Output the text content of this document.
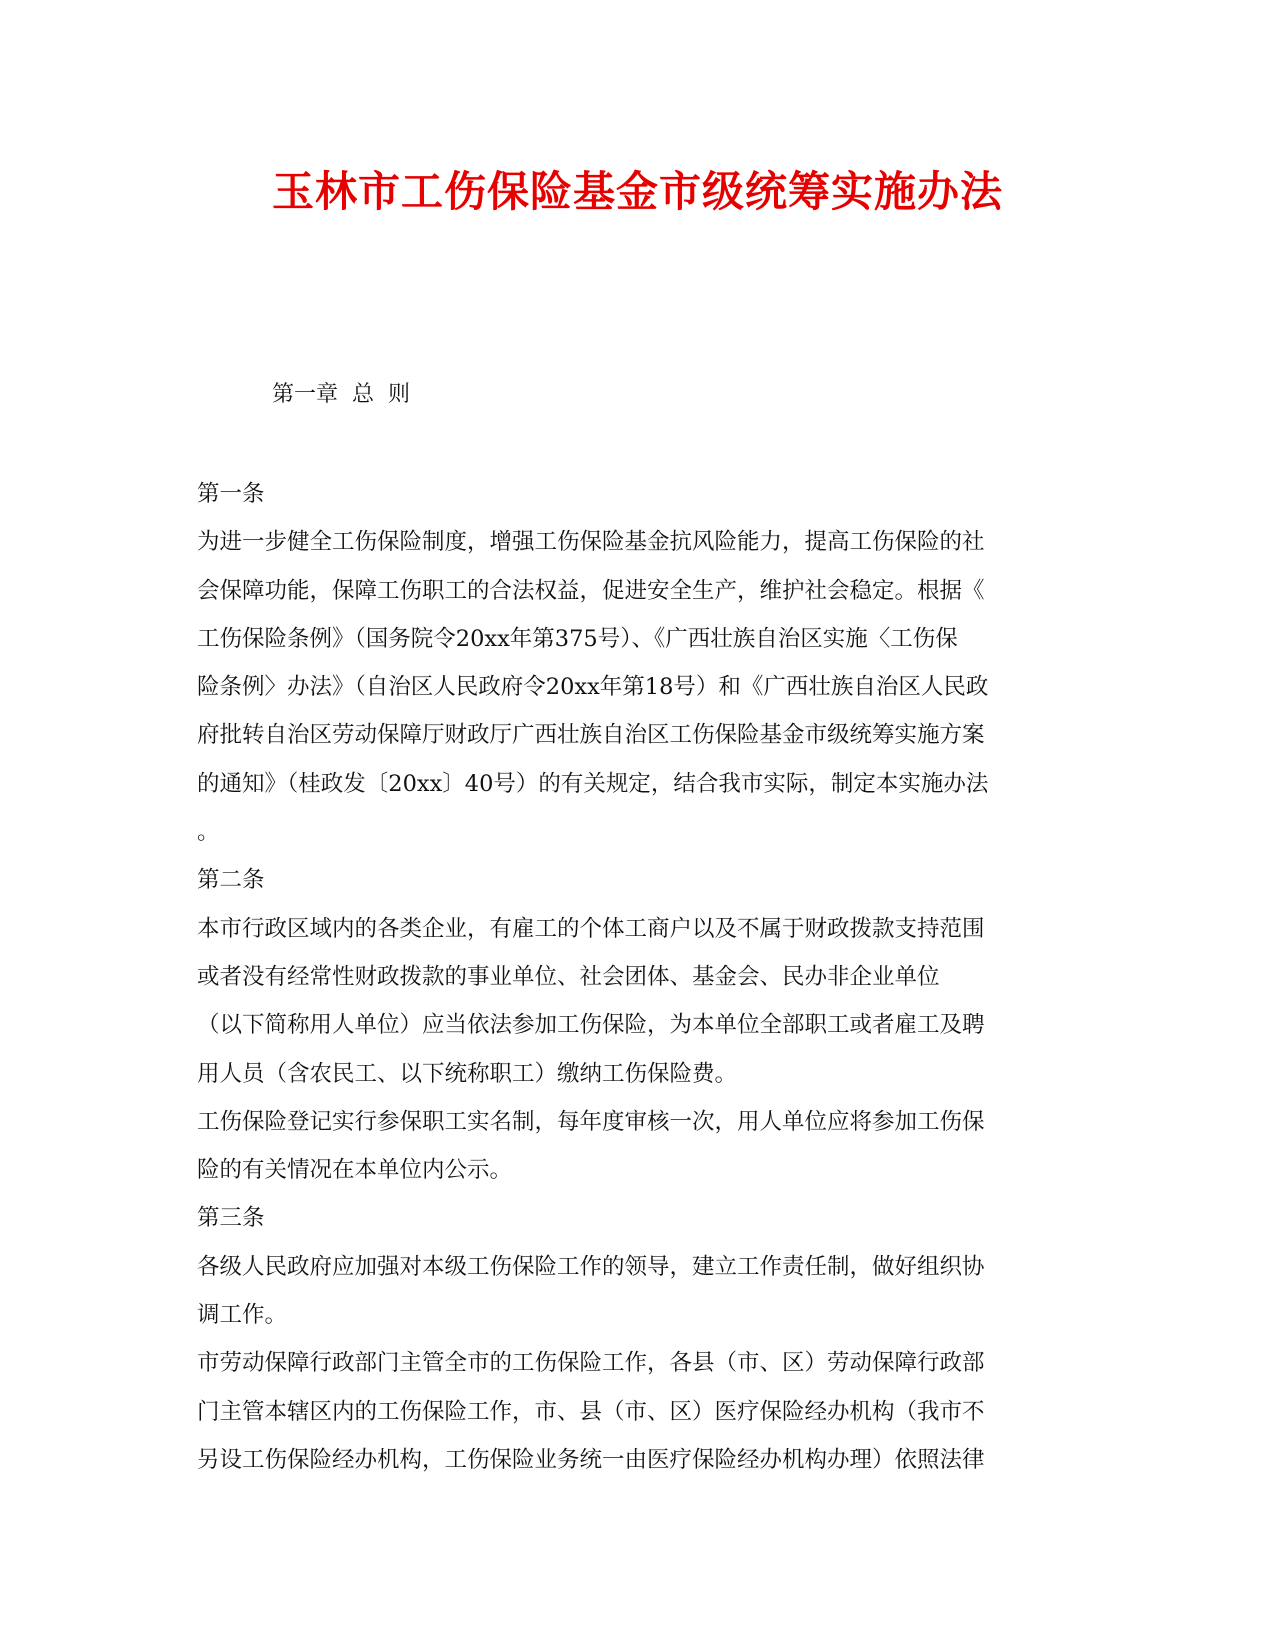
玉林市工伤保险基金市级统筹实施办法

第一章  总  则

第一条

为进一步健全工伤保险制度，增强工伤保险基金抗风险能力，提高工伤保险的社

会保障功能，保障工伤职工的合法权益，促进安全生产，维护社会稳定。根据《

工伤保险条例》（国务院令20xx年第375号）、《广西壮族自治区实施〈工伤保

险条例〉办法》（自治区人民政府令20xx年第18号）和《广西壮族自治区人民政

府批转自治区劳动保障厅财政厅广西壮族自治区工伤保险基金市级统筹实施方案

的通知》（桂政发〔20xx〕40号）的有关规定，结合我市实际，制定本实施办法

。

第二条

本市行政区域内的各类企业，有雇工的个体工商户以及不属于财政拨款支持范围

或者没有经常性财政拨款的事业单位、社会团体、基金会、民办非企业单位

（以下简称用人单位）应当依法参加工伤保险，为本单位全部职工或者雇工及聘

用人员（含农民工、以下统称职工）缴纳工伤保险费。

工伤保险登记实行参保职工实名制，每年度审核一次，用人单位应将参加工伤保

险的有关情况在本单位内公示。

第三条

各级人民政府应加强对本级工伤保险工作的领导，建立工作责任制，做好组织协

调工作。

市劳动保障行政部门主管全市的工伤保险工作，各县（市、区）劳动保障行政部

门主管本辖区内的工伤保险工作，市、县（市、区）医疗保险经办机构（我市不

另设工伤保险经办机构，工伤保险业务统一由医疗保险经办机构办理）依照法律
